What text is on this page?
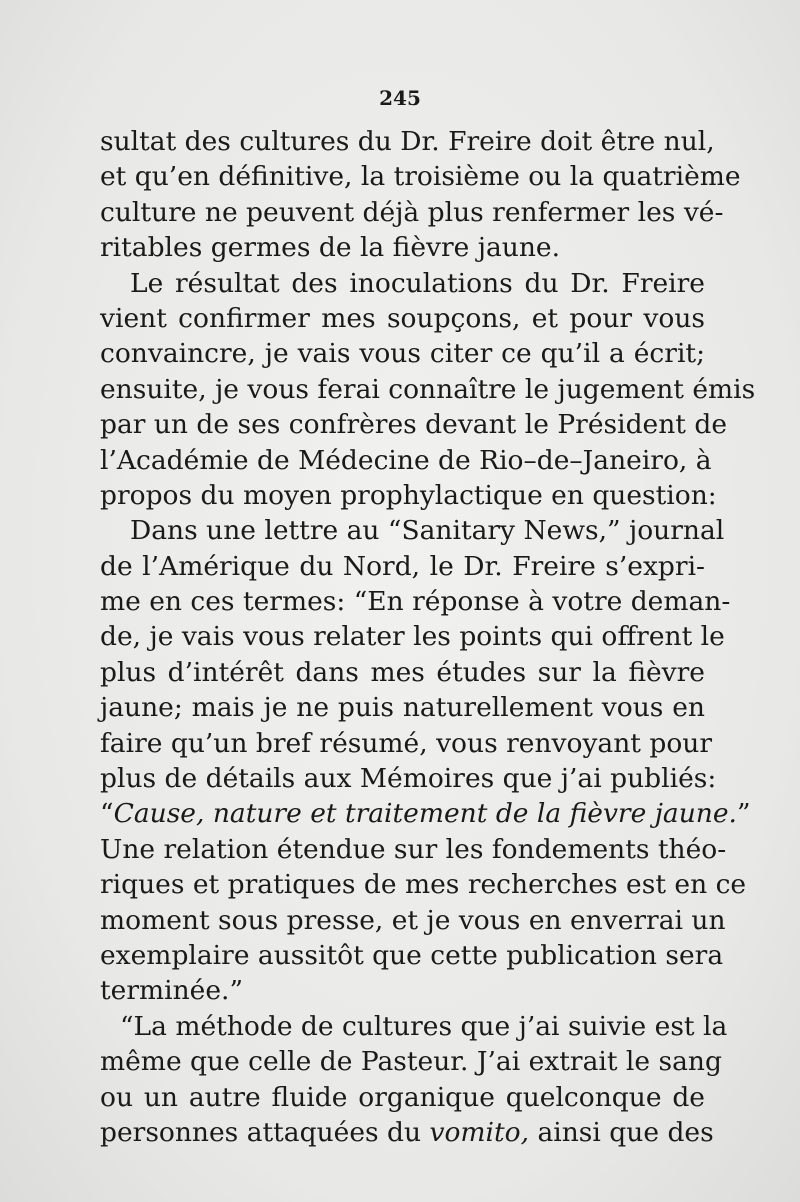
245
sultat des cultures du Dr. Freire doit être nul,
et qu’en définitive, la troisième ou la quatrième
culture ne peuvent déjà plus renfermer les vé-
ritables germes de la fièvre jaune.
Le résultat des inoculations du Dr. Freire
vient confirmer mes soupçons, et pour vous
convaincre, je vais vous citer ce qu’il a écrit;
ensuite, je vous ferai connaître le jugement émis
par un de ses confrères devant le Président de
l’Académie de Médecine de Rio–de–Janeiro, à
propos du moyen prophylactique en question:
Dans une lettre au “Sanitary News,” journal
de l’Amérique du Nord, le Dr. Freire s’expri-
me en ces termes: “En réponse à votre deman-
de, je vais vous relater les points qui offrent le
plus d’intérêt dans mes études sur la fièvre
jaune; mais je ne puis naturellement vous en
faire qu’un bref résumé, vous renvoyant pour
plus de détails aux Mémoires que j’ai publiés:
“Cause, nature et traitement de la fièvre jaune.”
Une relation étendue sur les fondements théo-
riques et pratiques de mes recherches est en ce
moment sous presse, et je vous en enverrai un
exemplaire aussitôt que cette publication sera
terminée.”
“La méthode de cultures que j’ai suivie est la
même que celle de Pasteur. J’ai extrait le sang
ou un autre fluide organique quelconque de
personnes attaquées du vomito, ainsi que des
